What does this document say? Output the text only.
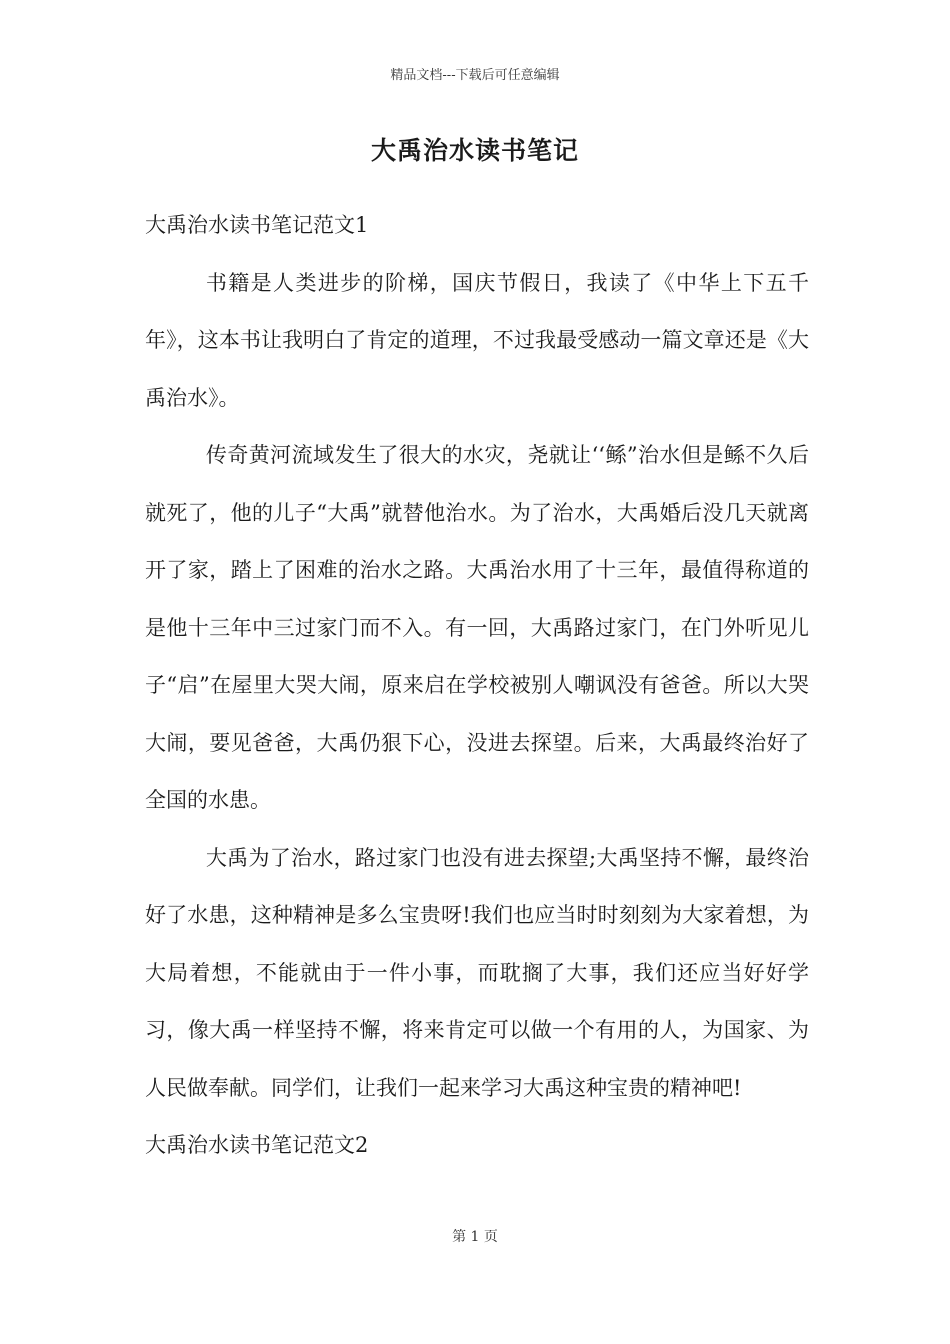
精品文档---下载后可任意编辑
大禹治水读书笔记

大禹治水读书笔记范文1

书籍是人类进步的阶梯，国庆节假日，我读了《中华上下五千年》，这本书让我明白了肯定的道理，不过我最受感动一篇文章还是《大禹治水》。

传奇黄河流域发生了很大的水灾，尧就让‘‘鲧”治水但是鲧不久后就死了，他的儿子“大禹”就替他治水。为了治水，大禹婚后没几天就离开了家，踏上了困难的治水之路。大禹治水用了十三年，最值得称道的是他十三年中三过家门而不入。有一回，大禹路过家门，在门外听见儿子“启”在屋里大哭大闹，原来启在学校被别人嘲讽没有爸爸。所以大哭大闹，要见爸爸，大禹仍狠下心，没进去探望。后来，大禹最终治好了全国的水患。

大禹为了治水，路过家门也没有进去探望;大禹坚持不懈，最终治好了水患，这种精神是多么宝贵呀!我们也应当时时刻刻为大家着想，为大局着想，不能就由于一件小事，而耽搁了大事，我们还应当好好学习，像大禹一样坚持不懈，将来肯定可以做一个有用的人，为国家、为人民做奉献。同学们，让我们一起来学习大禹这种宝贵的精神吧!

大禹治水读书笔记范文2

第 1 页
